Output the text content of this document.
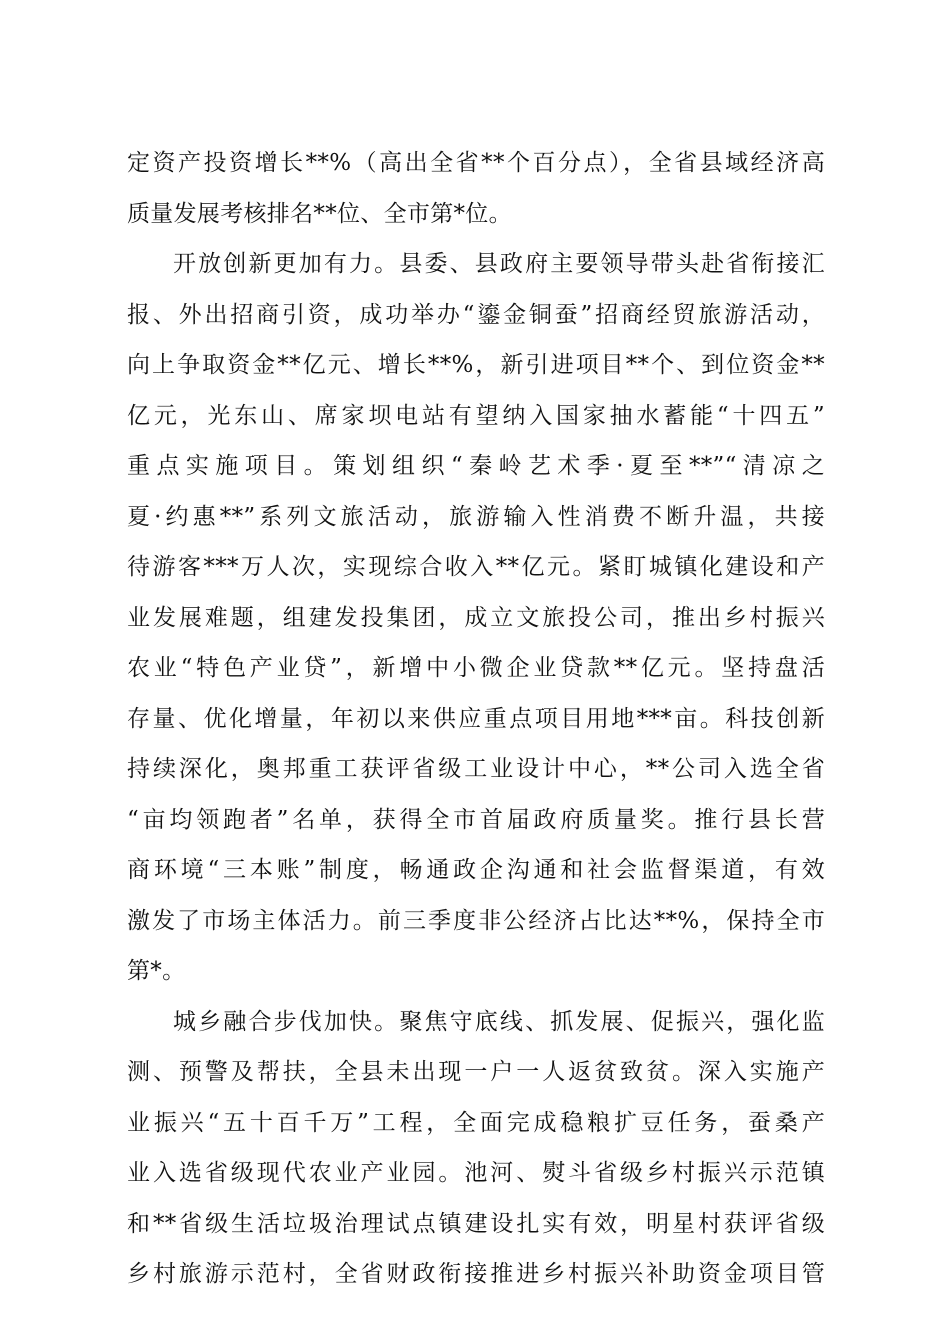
定资产投资增长**%（高出全省**个百分点），全省县域经济高
质量发展考核排名**位、全市第*位。

开放创新更加有力。县委、县政府主要领导带头赴省衔接汇
报、外出招商引资，成功举办“鎏金铜蚕”招商经贸旅游活动，
向上争取资金**亿元、增长**%，新引进项目**个、到位资金**
亿元，光东山、席家坝电站有望纳入国家抽水蓄能“十四五”
重点实施项目。策划组织“秦岭艺术季·夏至**”“清凉之
夏·约惠**”系列文旅活动，旅游输入性消费不断升温，共接
待游客***万人次，实现综合收入**亿元。紧盯城镇化建设和产
业发展难题，组建发投集团，成立文旅投公司，推出乡村振兴
农业“特色产业贷”，新增中小微企业贷款**亿元。坚持盘活
存量、优化增量，年初以来供应重点项目用地***亩。科技创新
持续深化，奥邦重工获评省级工业设计中心，**公司入选全省
“亩均领跑者”名单，获得全市首届政府质量奖。推行县长营
商环境“三本账”制度，畅通政企沟通和社会监督渠道，有效
激发了市场主体活力。前三季度非公经济占比达**%，保持全市
第*。

城乡融合步伐加快。聚焦守底线、抓发展、促振兴，强化监
测、预警及帮扶，全县未出现一户一人返贫致贫。深入实施产
业振兴“五十百千万”工程，全面完成稳粮扩豆任务，蚕桑产
业入选省级现代农业产业园。池河、熨斗省级乡村振兴示范镇
和**省级生活垃圾治理试点镇建设扎实有效，明星村获评省级
乡村旅游示范村，全省财政衔接推进乡村振兴补助资金项目管
